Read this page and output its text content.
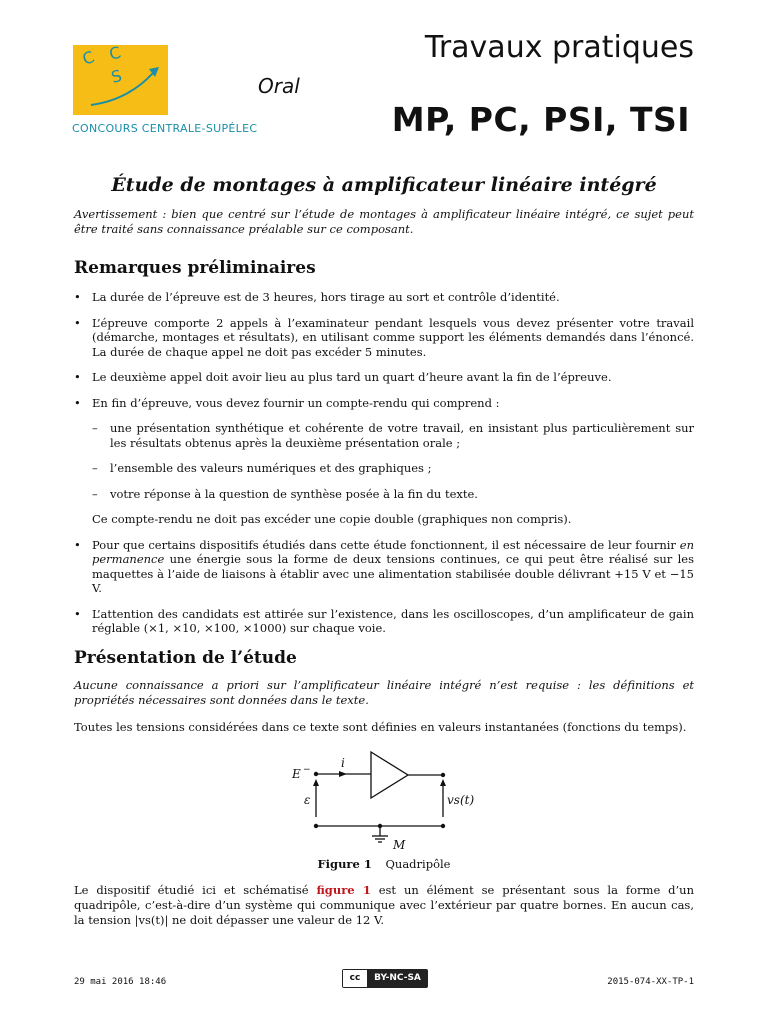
C C
S
CONCOURS CENTRALE-SUPÉLEC
Oral
Travaux pratiques
MP, PC, PSI, TSI
Étude de montages à amplificateur linéaire intégré
Avertissement : bien que centré sur l’étude de montages à amplificateur linéaire intégré, ce sujet peut être traité sans connaissance préalable sur ce composant.
Remarques préliminaires
• La durée de l’épreuve est de 3 heures, hors tirage au sort et contrôle d’identité.
• L’épreuve comporte 2 appels à l’examinateur pendant lesquels vous devez présenter votre travail (démarche, montages et résultats), en utilisant comme support les éléments demandés dans l’énoncé. La durée de chaque appel ne doit pas excéder 5 minutes.
• Le deuxième appel doit avoir lieu au plus tard un quart d’heure avant la fin de l’épreuve.
• En fin d’épreuve, vous devez fournir un compte-rendu qui comprend :
– une présentation synthétique et cohérente de votre travail, en insistant plus particulièrement sur les résultats obtenus après la deuxième présentation orale ;
– l’ensemble des valeurs numériques et des graphiques ;
– votre réponse à la question de synthèse posée à la fin du texte.
Ce compte-rendu ne doit pas excéder une copie double (graphiques non compris).
• Pour que certains dispositifs étudiés dans cette étude fonctionnent, il est nécessaire de leur fournir en permanence une énergie sous la forme de deux tensions continues, ce qui peut être réalisé sur les maquettes à l’aide de liaisons à établir avec une alimentation stabilisée double délivrant +15 V et −15 V.
• L’attention des candidats est attirée sur l’existence, dans les oscilloscopes, d’un amplificateur de gain réglable (×1, ×10, ×100, ×1000) sur chaque voie.
Présentation de l’étude
Aucune connaissance a priori sur l’amplificateur linéaire intégré n’est requise : les définitions et propriétés nécessaires sont données dans le texte.
Toutes les tensions considérées dans ce texte sont définies en valeurs instantanées (fonctions du temps).
E −	i
ε	vs(t)
M
Figure 1 Quadripôle
Le dispositif étudié ici et schématisé figure 1 est un élément se présentant sous la forme d’un quadripôle, c’est-à-dire d’un système qui communique avec l’extérieur par quatre bornes. En aucun cas, la tension |vs(t)| ne doit dépasser une valeur de 12 V.
29 mai 2016 18:46	cc	BY-NC-SA	2015-074-XX-TP-1
